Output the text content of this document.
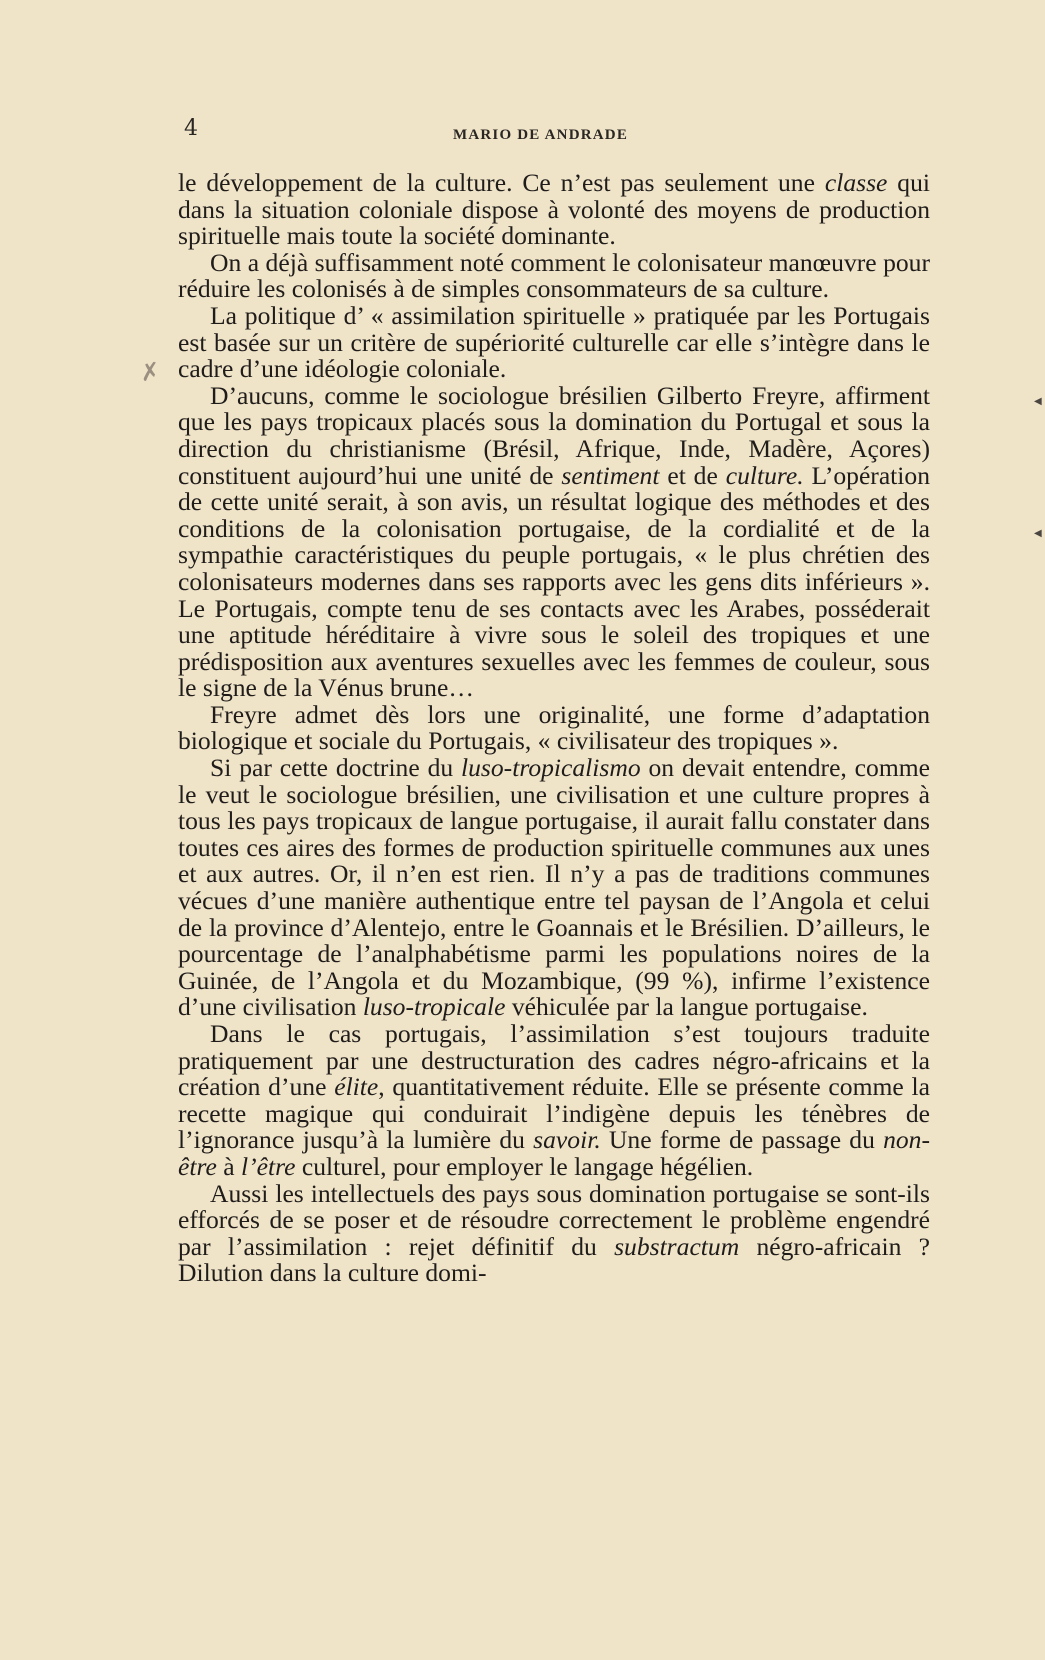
4	MARIO DE ANDRADE
✗
◀
◀

le développement de la culture. Ce n’est pas seulement une classe qui dans la situation coloniale dispose à volonté des moyens de production spirituelle mais toute la société dominante.

On a déjà suffisamment noté comment le colonisateur manœuvre pour réduire les colonisés à de simples consommateurs de sa culture.

La politique d’ « assimilation spirituelle » pratiquée par les Portugais est basée sur un critère de supériorité culturelle car elle s’intègre dans le cadre d’une idéologie coloniale.

D’aucuns, comme le sociologue brésilien Gilberto Freyre, affirment que les pays tropicaux placés sous la domination du Portugal et sous la direction du christianisme (Brésil, Afrique, Inde, Madère, Açores) constituent aujourd’hui une unité de sentiment et de culture. L’opération de cette unité serait, à son avis, un résultat logique des méthodes et des conditions de la colonisation portugaise, de la cordialité et de la sympathie caractéristiques du peuple portugais, « le plus chrétien des colonisateurs modernes dans ses rapports avec les gens dits inférieurs ». Le Portugais, compte tenu de ses contacts avec les Arabes, posséderait une aptitude héréditaire à vivre sous le soleil des tropiques et une prédisposition aux aventures sexuelles avec les femmes de couleur, sous le signe de la Vénus brune…

Freyre admet dès lors une originalité, une forme d’adaptation biologique et sociale du Portugais, « civilisateur des tropiques ».

Si par cette doctrine du luso-tropicalismo on devait entendre, comme le veut le sociologue brésilien, une civilisation et une culture propres à tous les pays tropicaux de langue portugaise, il aurait fallu constater dans toutes ces aires des formes de production spirituelle communes aux unes et aux autres. Or, il n’en est rien. Il n’y a pas de traditions communes vécues d’une manière authentique entre tel paysan de l’Angola et celui de la province d’Alentejo, entre le Goannais et le Brésilien. D’ailleurs, le pourcentage de l’analphabétisme parmi les populations noires de la Guinée, de l’Angola et du Mozambique, (99 %), infirme l’existence d’une civilisation luso-tropicale véhiculée par la langue portugaise.

Dans le cas portugais, l’assimilation s’est toujours traduite pratiquement par une destructuration des cadres négro-africains et la création d’une élite, quantitativement réduite. Elle se présente comme la recette magique qui conduirait l’indigène depuis les ténèbres de l’ignorance jusqu’à la lumière du savoir. Une forme de passage du non-être à l’être culturel, pour employer le langage hégélien.

Aussi les intellectuels des pays sous domination portugaise se sont-ils efforcés de se poser et de résoudre correctement le problème engendré par l’assimilation : rejet définitif du substractum négro-africain ? Dilution dans la culture domi-
